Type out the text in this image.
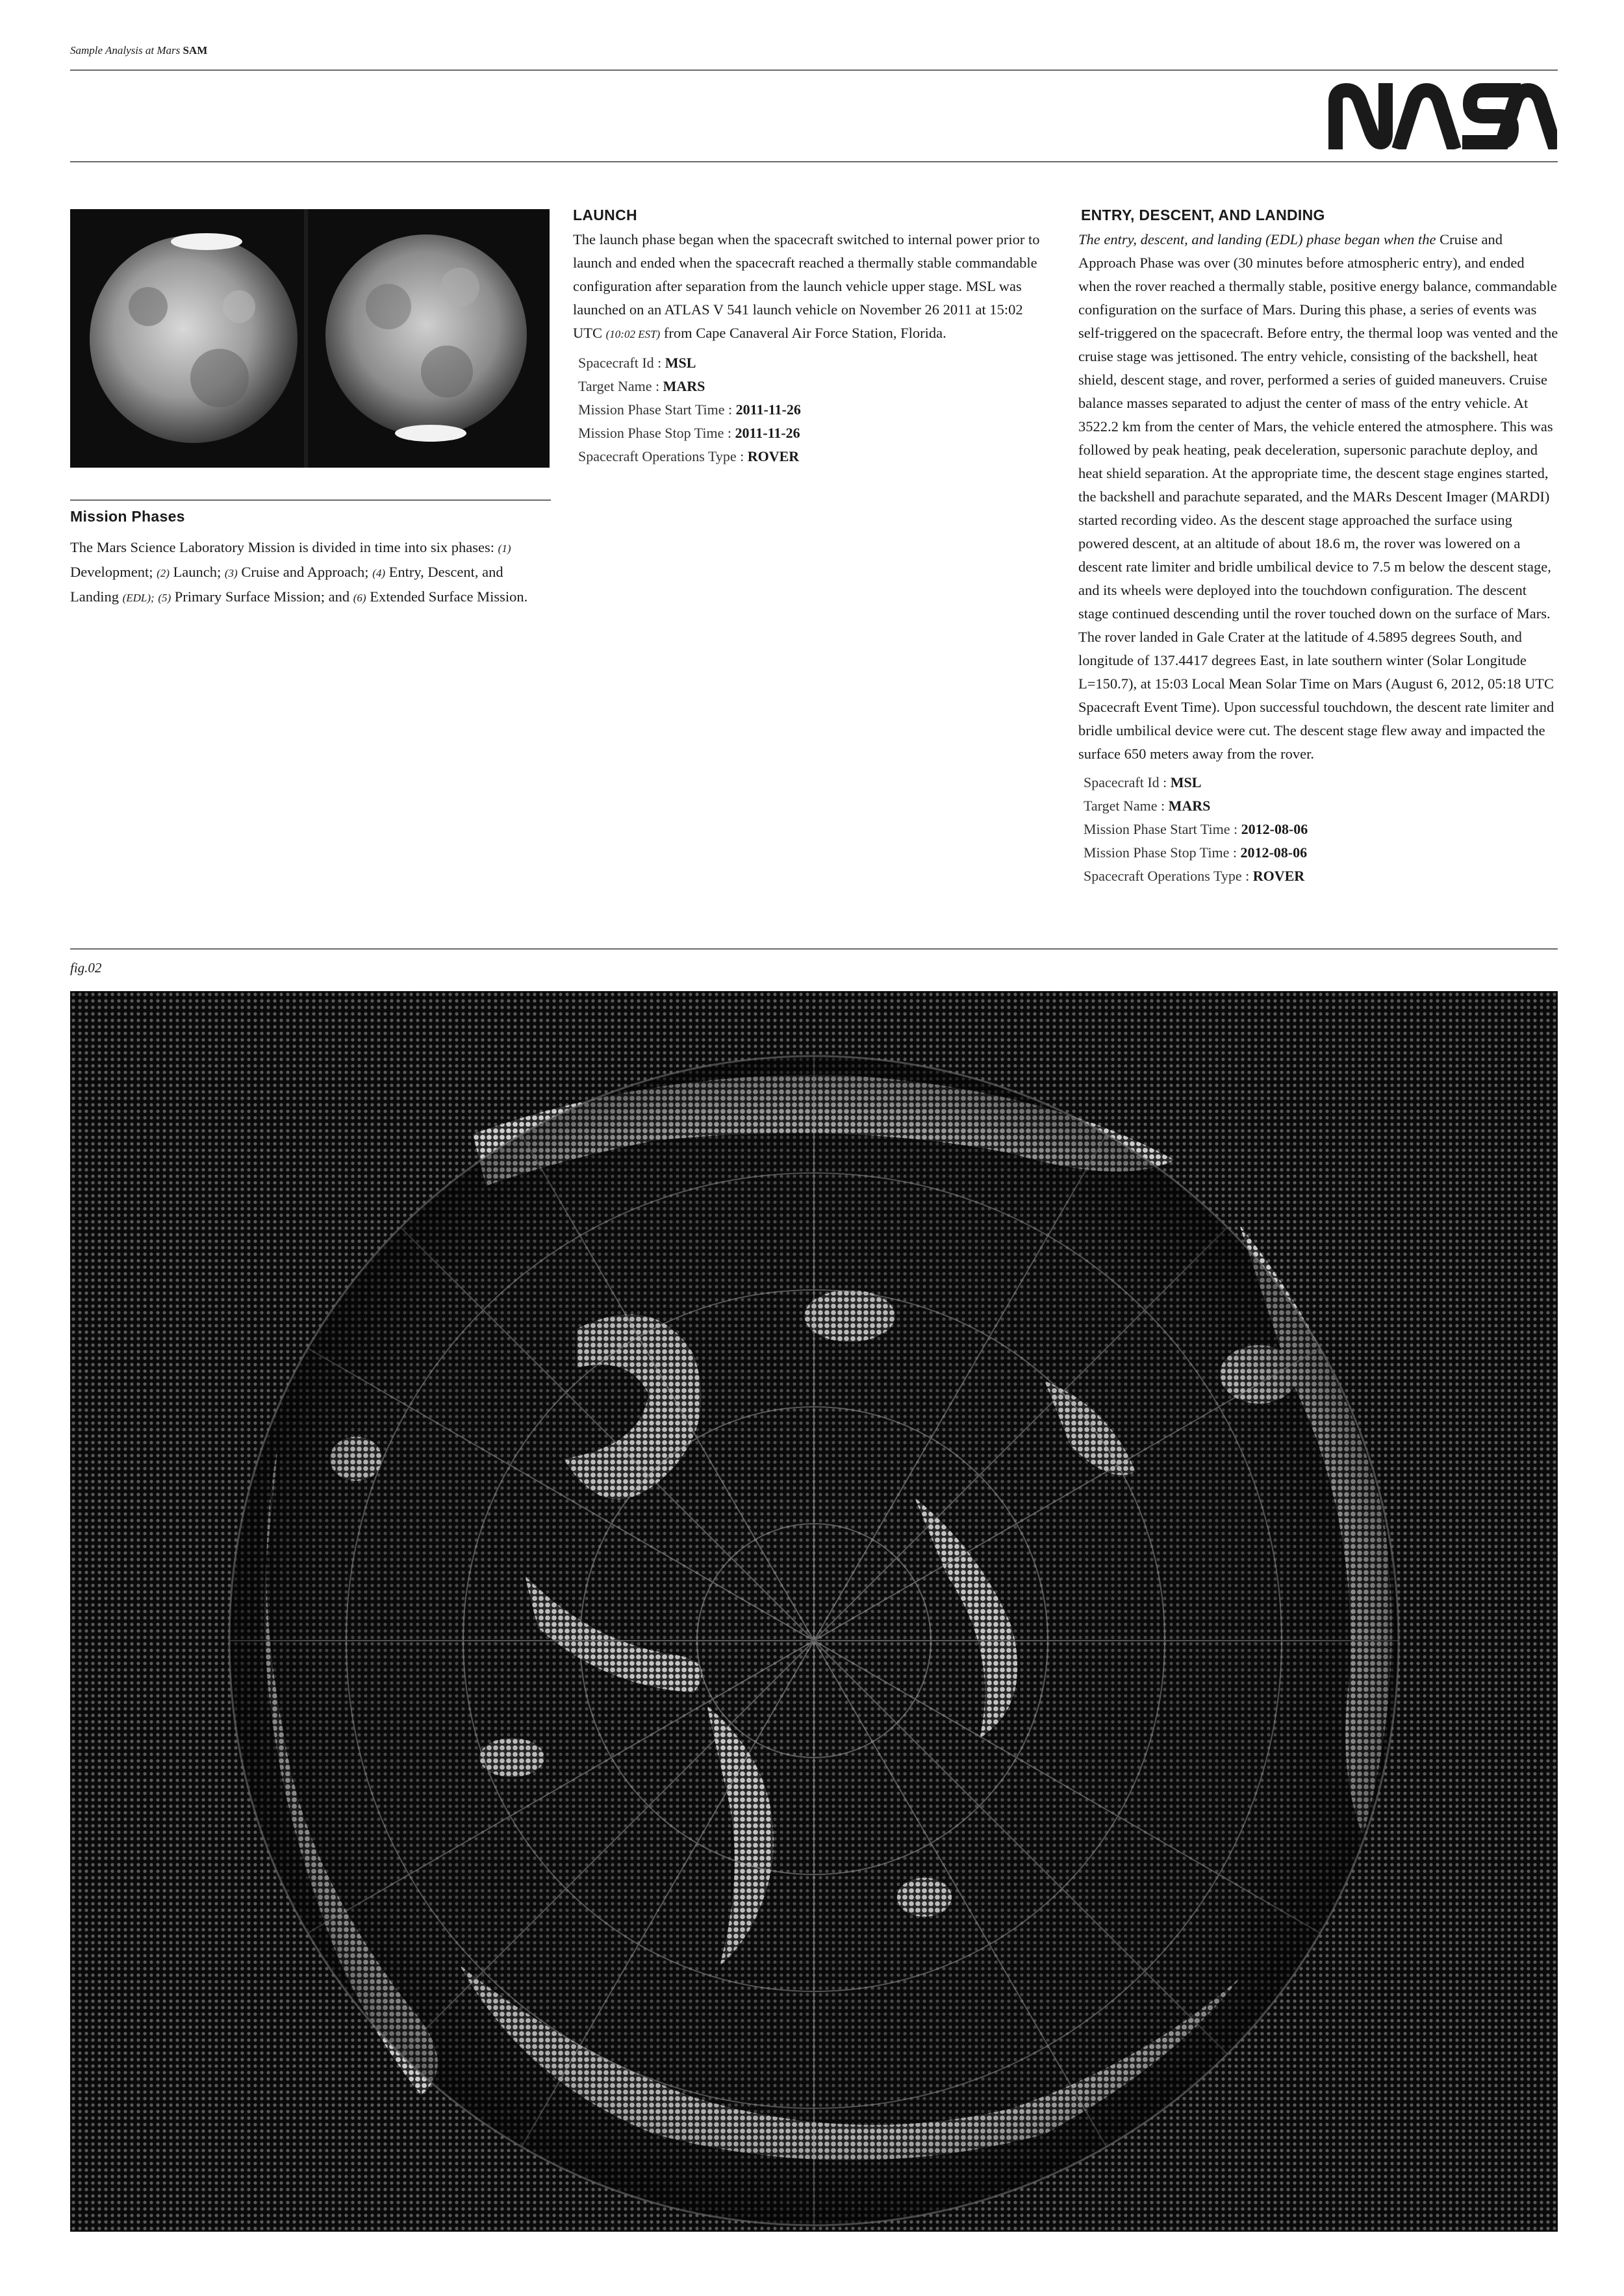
Sample Analysis at Mars SAM
Mission Phases

The Mars Science Laboratory Mission is divided in time into six phases: (1) Development; (2) Launch; (3) Cruise and Approach; (4) Entry, Descent, and Landing (EDL); (5) Primary Surface Mission; and (6) Extended Surface Mission.

LAUNCH

The launch phase began when the spacecraft switched to internal power prior to launch and ended when the spacecraft reached a thermally stable commandable configuration after separation from the launch vehicle upper stage. MSL was launched on an ATLAS V 541 launch vehicle on November 26 2011 at 15:02 UTC (10:02 EST) from Cape Canaveral Air Force Station, Florida.

Spacecraft Id : MSL
Target Name : MARS
Mission Phase Start Time : 2011-11-26
Mission Phase Stop Time : 2011-11-26
Spacecraft Operations Type : ROVER
ENTRY, DESCENT, AND LANDING

The entry, descent, and landing (EDL) phase began when the Cruise and Approach Phase was over (30 minutes before atmospheric entry), and ended when the rover reached a thermally stable, positive energy balance, commandable configuration on the surface of Mars. During this phase, a series of events was self-triggered on the spacecraft. Before entry, the thermal loop was vented and the cruise stage was jettisoned. The entry vehicle, consisting of the backshell, heat shield, descent stage, and rover, performed a series of guided maneuvers. Cruise balance masses separated to adjust the center of mass of the entry vehicle. At 3522.2 km from the center of Mars, the vehicle entered the atmosphere. This was followed by peak heating, peak deceleration, supersonic parachute deploy, and heat shield separation. At the appropriate time, the descent stage engines started, the backshell and parachute separated, and the MARs Descent Imager (MARDI) started recording video. As the descent stage approached the surface using powered descent, at an altitude of about 18.6 m, the rover was lowered on a descent rate limiter and bridle umbilical device to 7.5 m below the descent stage, and its wheels were deployed into the touchdown configuration. The descent stage continued descending until the rover touched down on the surface of Mars. The rover landed in Gale Crater at the latitude of 4.5895 degrees South, and longitude of 137.4417 degrees East, in late southern winter (Solar Longitude L=150.7), at 15:03 Local Mean Solar Time on Mars (August 6, 2012, 05:18 UTC Spacecraft Event Time). Upon successful touchdown, the descent rate limiter and bridle umbilical device were cut. The descent stage flew away and impacted the surface 650 meters away from the rover.

Spacecraft Id : MSL
Target Name : MARS
Mission Phase Start Time : 2012-08-06
Mission Phase Stop Time : 2012-08-06
Spacecraft Operations Type : ROVER
fig.02
